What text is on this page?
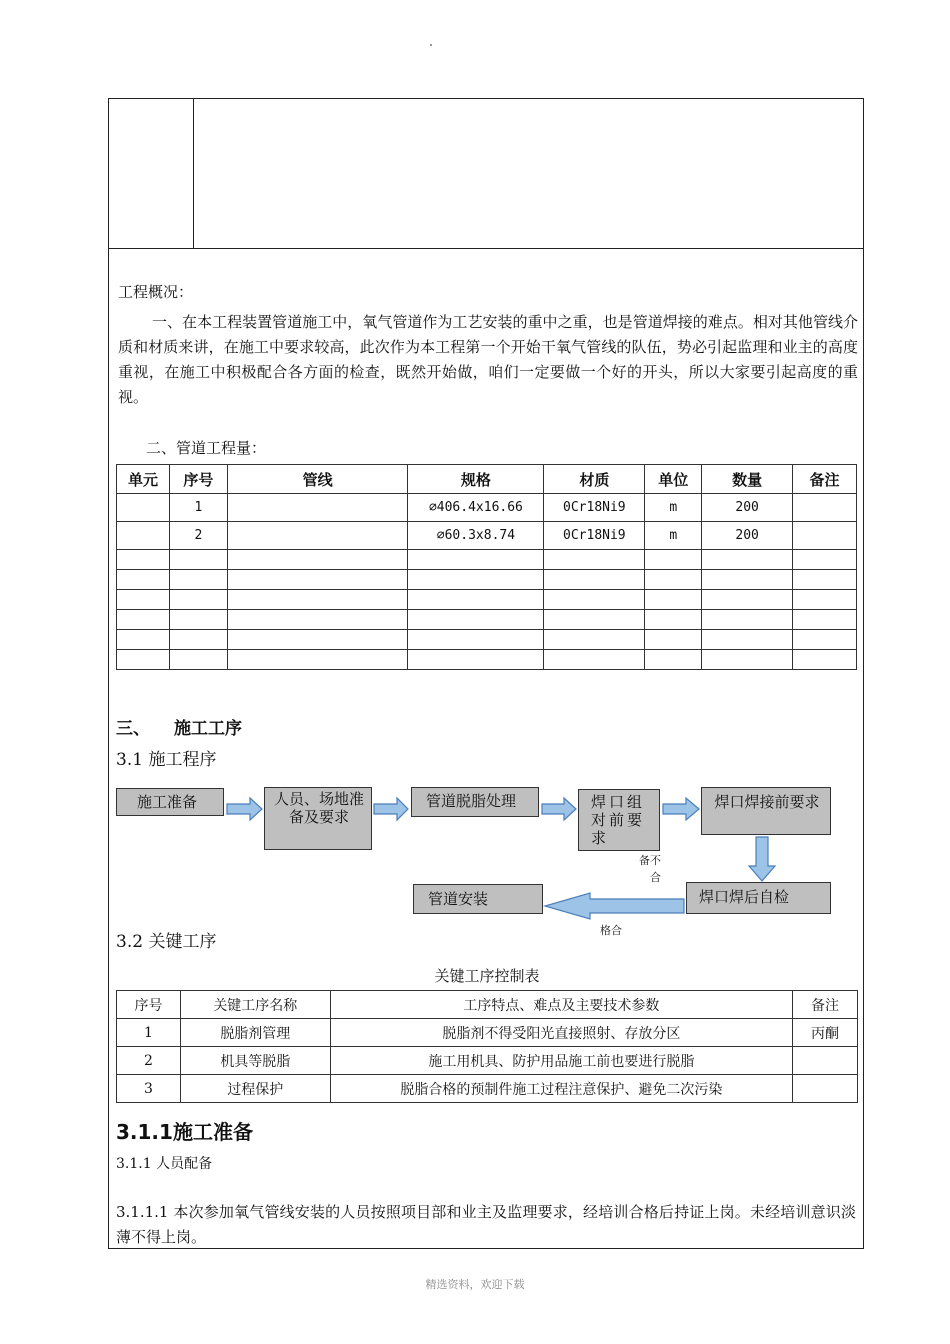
工程概况：
一、在本工程装置管道施工中，氧气管道作为工艺安装的重中之重，也是管道焊接的难点。相对其他管线介质和材质来讲，在施工中要求较高，此次作为本工程第一个开始干氧气管线的队伍，势必引起监理和业主的高度重视，在施工中积极配合各方面的检查，既然开始做，咱们一定要做一个好的开头，所以大家要引起高度的重视。
二、管道工程量：
单元	序号	管线	规格	材质	单位	数量	备注
	1		∅406.4x16.66	0Cr18Ni9	m	200	
	2		∅60.3x8.74	0Cr18Ni9	m	200	

三、 施工工序
3.1 施工程序
施工准备	人员、场地准备及要求
管道脱脂处理	焊口组对前要求
焊口焊接前要求
焊口焊后自检
管道安装
备不合
格合
3.2 关键工序
关键工序控制表
序号	关键工序名称	工序特点、难点及主要技术参数	备注
1	脱脂剂管理	脱脂剂不得受阳光直接照射、存放分区	丙酮
2	机具等脱脂	施工用机具、防护用品施工前也要进行脱脂	
3	过程保护	脱脂合格的预制件施工过程注意保护、避免二次污染	
3.1.1施工准备
3.1.1 人员配备
3.1.1.1 本次参加氧气管线安装的人员按照项目部和业主及监理要求，经培训合格后持证上岗。未经培训意识淡薄不得上岗。
精选资料，欢迎下载
